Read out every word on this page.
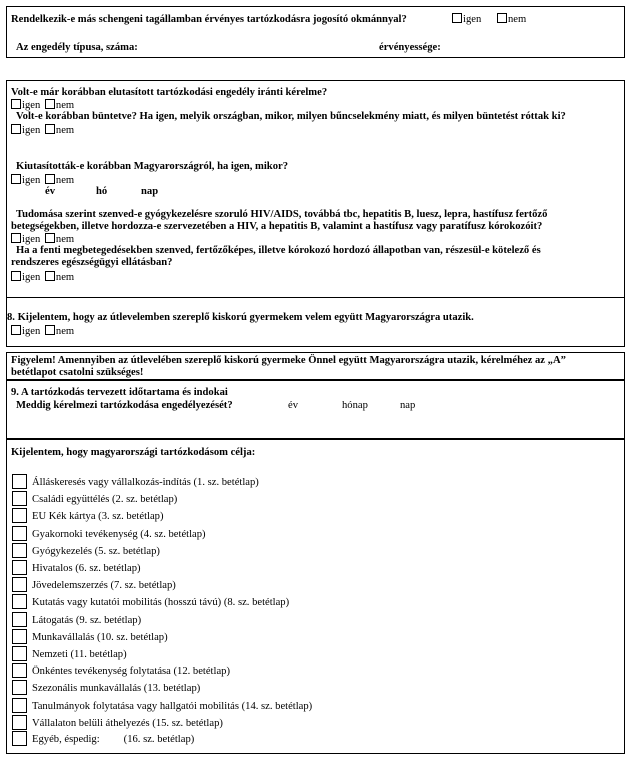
Rendelkezik-e más schengeni tagállamban érvényes tartózkodásra jogosító okmánnyal?	igen	nem
Az engedély típusa, száma:	érvényessége:
Volt-e már korábban elutasított tartózkodási engedély iránti kérelme?
igen nem
Volt-e korábban büntetve? Ha igen, melyik országban, mikor, milyen bűncselekmény miatt, és milyen büntetést róttak ki?
igen nem
Kiutasították-e korábban Magyarországról, ha igen, mikor?
igen nem
év	hó	nap
Tudomása szerint szenved-e gyógykezelésre szoruló HIV/AIDS, továbbá tbc, hepatitis B, luesz, lepra, hastífusz fertőző
betegségekben, illetve hordozza-e szervezetében a HIV, a hepatitis B, valamint a hastífusz vagy paratífusz kórokozóit?
igen nem
Ha a fenti megbetegedésekben szenved, fertőzőképes, illetve kórokozó hordozó állapotban van, részesül-e kötelező és
rendszeres egészségügyi ellátásban?
igen nem
8. Kijelentem, hogy az útlevelemben szereplő kiskorú gyermekem velem együtt Magyarországra utazik.
igen nem
Figyelem! Amennyiben az útlevelében szereplő kiskorú gyermeke Önnel együtt Magyarországra utazik, kérelméhez az „A”
betétlapot csatolni szükséges!
9. A tartózkodás tervezett időtartama és indokai
Meddig kérelmezi tartózkodása engedélyezését?	év	hónap	nap
Kijelentem, hogy magyarországi tartózkodásom célja:
Álláskeresés vagy vállalkozás-indítás (1. sz. betétlap)
Családi együttélés (2. sz. betétlap)
EU Kék kártya (3. sz. betétlap)
Gyakornoki tevékenység (4. sz. betétlap)
Gyógykezelés (5. sz. betétlap)
Hivatalos (6. sz. betétlap)
Jövedelemszerzés (7. sz. betétlap)
Kutatás vagy kutatói mobilitás (hosszú távú) (8. sz. betétlap)
Látogatás (9. sz. betétlap)
Munkavállalás (10. sz. betétlap)
Nemzeti (11. betétlap)
Önkéntes tevékenység folytatása (12. betétlap)
Szezonális munkavállalás (13. betétlap)
Tanulmányok folytatása vagy hallgatói mobilitás (14. sz. betétlap)
Vállalaton belüli áthelyezés (15. sz. betétlap)
Egyéb, éspedig: (16. sz. betétlap)
